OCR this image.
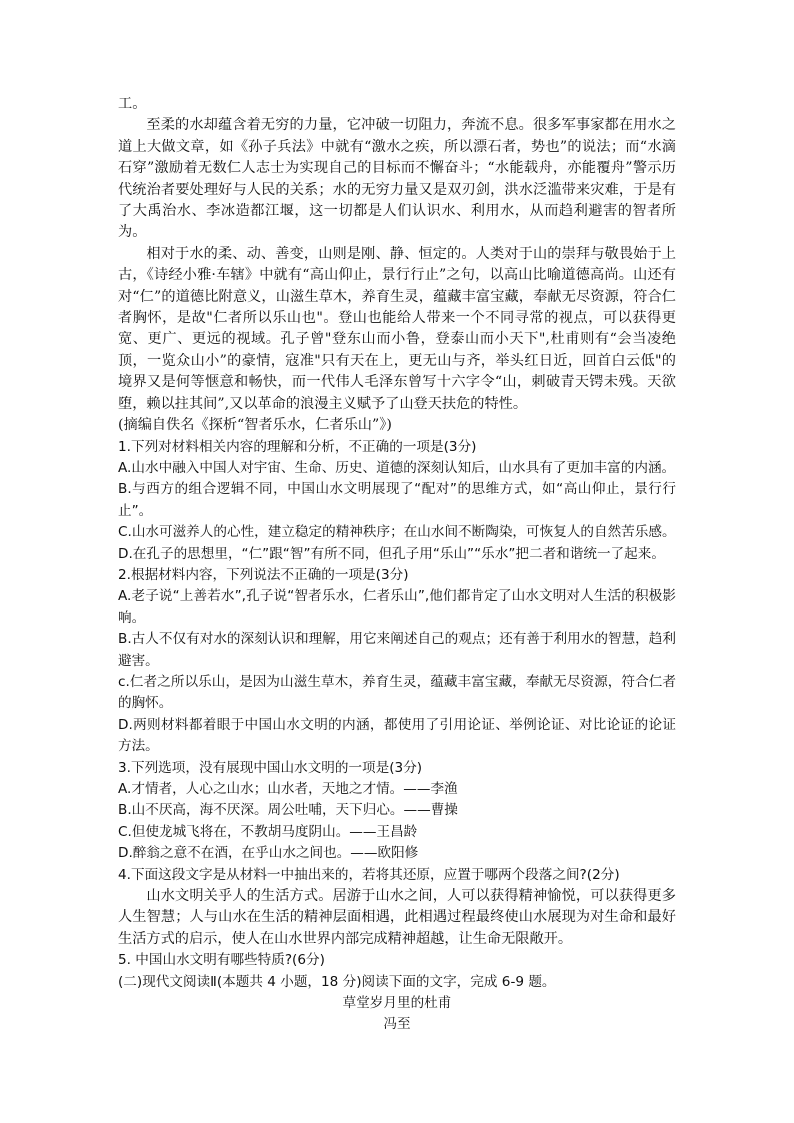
工。

至柔的水却蕴含着无穷的力量，它冲破一切阻力，奔流不息。很多军事家都在用水之道上大做文章，如《孙子兵法》中就有“激水之疾，所以漂石者，势也”的说法；而“水滴石穿”激励着无数仁人志士为实现自己的目标而不懈奋斗；“水能载舟，亦能覆舟”警示历代统治者要处理好与人民的关系；水的无穷力量又是双刃剑，洪水泛滥带来灾难，于是有了大禹治水、李冰造都江堰，这一切都是人们认识水、利用水，从而趋利避害的智者所为。

相对于水的柔、动、善变，山则是刚、静、恒定的。人类对于山的崇拜与敬畏始于上古，《诗经小雅·车辖》中就有“高山仰止，景行行止”之句，以高山比喻道德高尚。山还有对“仁”的道德比附意义，山滋生草木，养育生灵，蕴藏丰富宝藏，奉献无尽资源，符合仁者胸怀，是故"仁者所以乐山也"。登山也能给人带来一个不同寻常的视点，可以获得更宽、更广、更远的视域。孔子曾"登东山而小鲁，登泰山而小天下",杜甫则有“会当凌绝顶，一览众山小”的豪情，寇准"只有天在上，更无山与齐，举头红日近，回首白云低"的境界又是何等惬意和畅快，而一代伟人毛泽东曾写十六字令“山，刺破青天锷未残。天欲堕，赖以拄其间”,又以革命的浪漫主义赋予了山登天扶危的特性。

(摘编自佚名《探析“智者乐水，仁者乐山”》)

1.下列对材料相关内容的理解和分析，不正确的一项是(3分)

A.山水中融入中国人对宇宙、生命、历史、道德的深刻认知后，山水具有了更加丰富的内涵。

B.与西方的组合逻辑不同，中国山水文明展现了“配对”的思维方式，如“高山仰止，景行行止”。

C.山水可滋养人的心性，建立稳定的精神秩序；在山水间不断陶染，可恢复人的自然苦乐感。

D.在孔子的思想里，“仁”跟“智”有所不同，但孔子用“乐山”“乐水”把二者和谐统一了起来。

2.根据材料内容，下列说法不正确的一项是(3分)

A.老子说“上善若水”,孔子说“智者乐水，仁者乐山”,他们都肯定了山水文明对人生活的积极影响。

B.古人不仅有对水的深刻认识和理解，用它来阐述自己的观点；还有善于利用水的智慧，趋利避害。

c.仁者之所以乐山，是因为山滋生草木，养育生灵，蕴藏丰富宝藏，奉献无尽资源，符合仁者的胸怀。

D.两则材料都着眼于中国山水文明的内涵，都使用了引用论证、举例论证、对比论证的论证方法。

3.下列选项，没有展现中国山水文明的一项是(3分)

A.才情者，人心之山水；山水者，天地之才情。——李渔

B.山不厌高，海不厌深。周公吐哺，天下归心。——曹操

C.但使龙城飞将在，不教胡马度阴山。——王昌龄

D.醉翁之意不在酒，在乎山水之间也。——欧阳修

4.下面这段文字是从材料一中抽出来的，若将其还原，应置于哪两个段落之间?(2分)

山水文明关乎人的生活方式。居游于山水之间，人可以获得精神愉悦，可以获得更多人生智慧；人与山水在生活的精神层面相遇，此相遇过程最终使山水展现为对生命和最好生活方式的启示，使人在山水世界内部完成精神超越，让生命无限敞开。

5. 中国山水文明有哪些特质?(6分)

(二)现代文阅读Ⅱ(本题共 4 小题，18 分)阅读下面的文字，完成 6-9 题。

草堂岁月里的杜甫

冯至
